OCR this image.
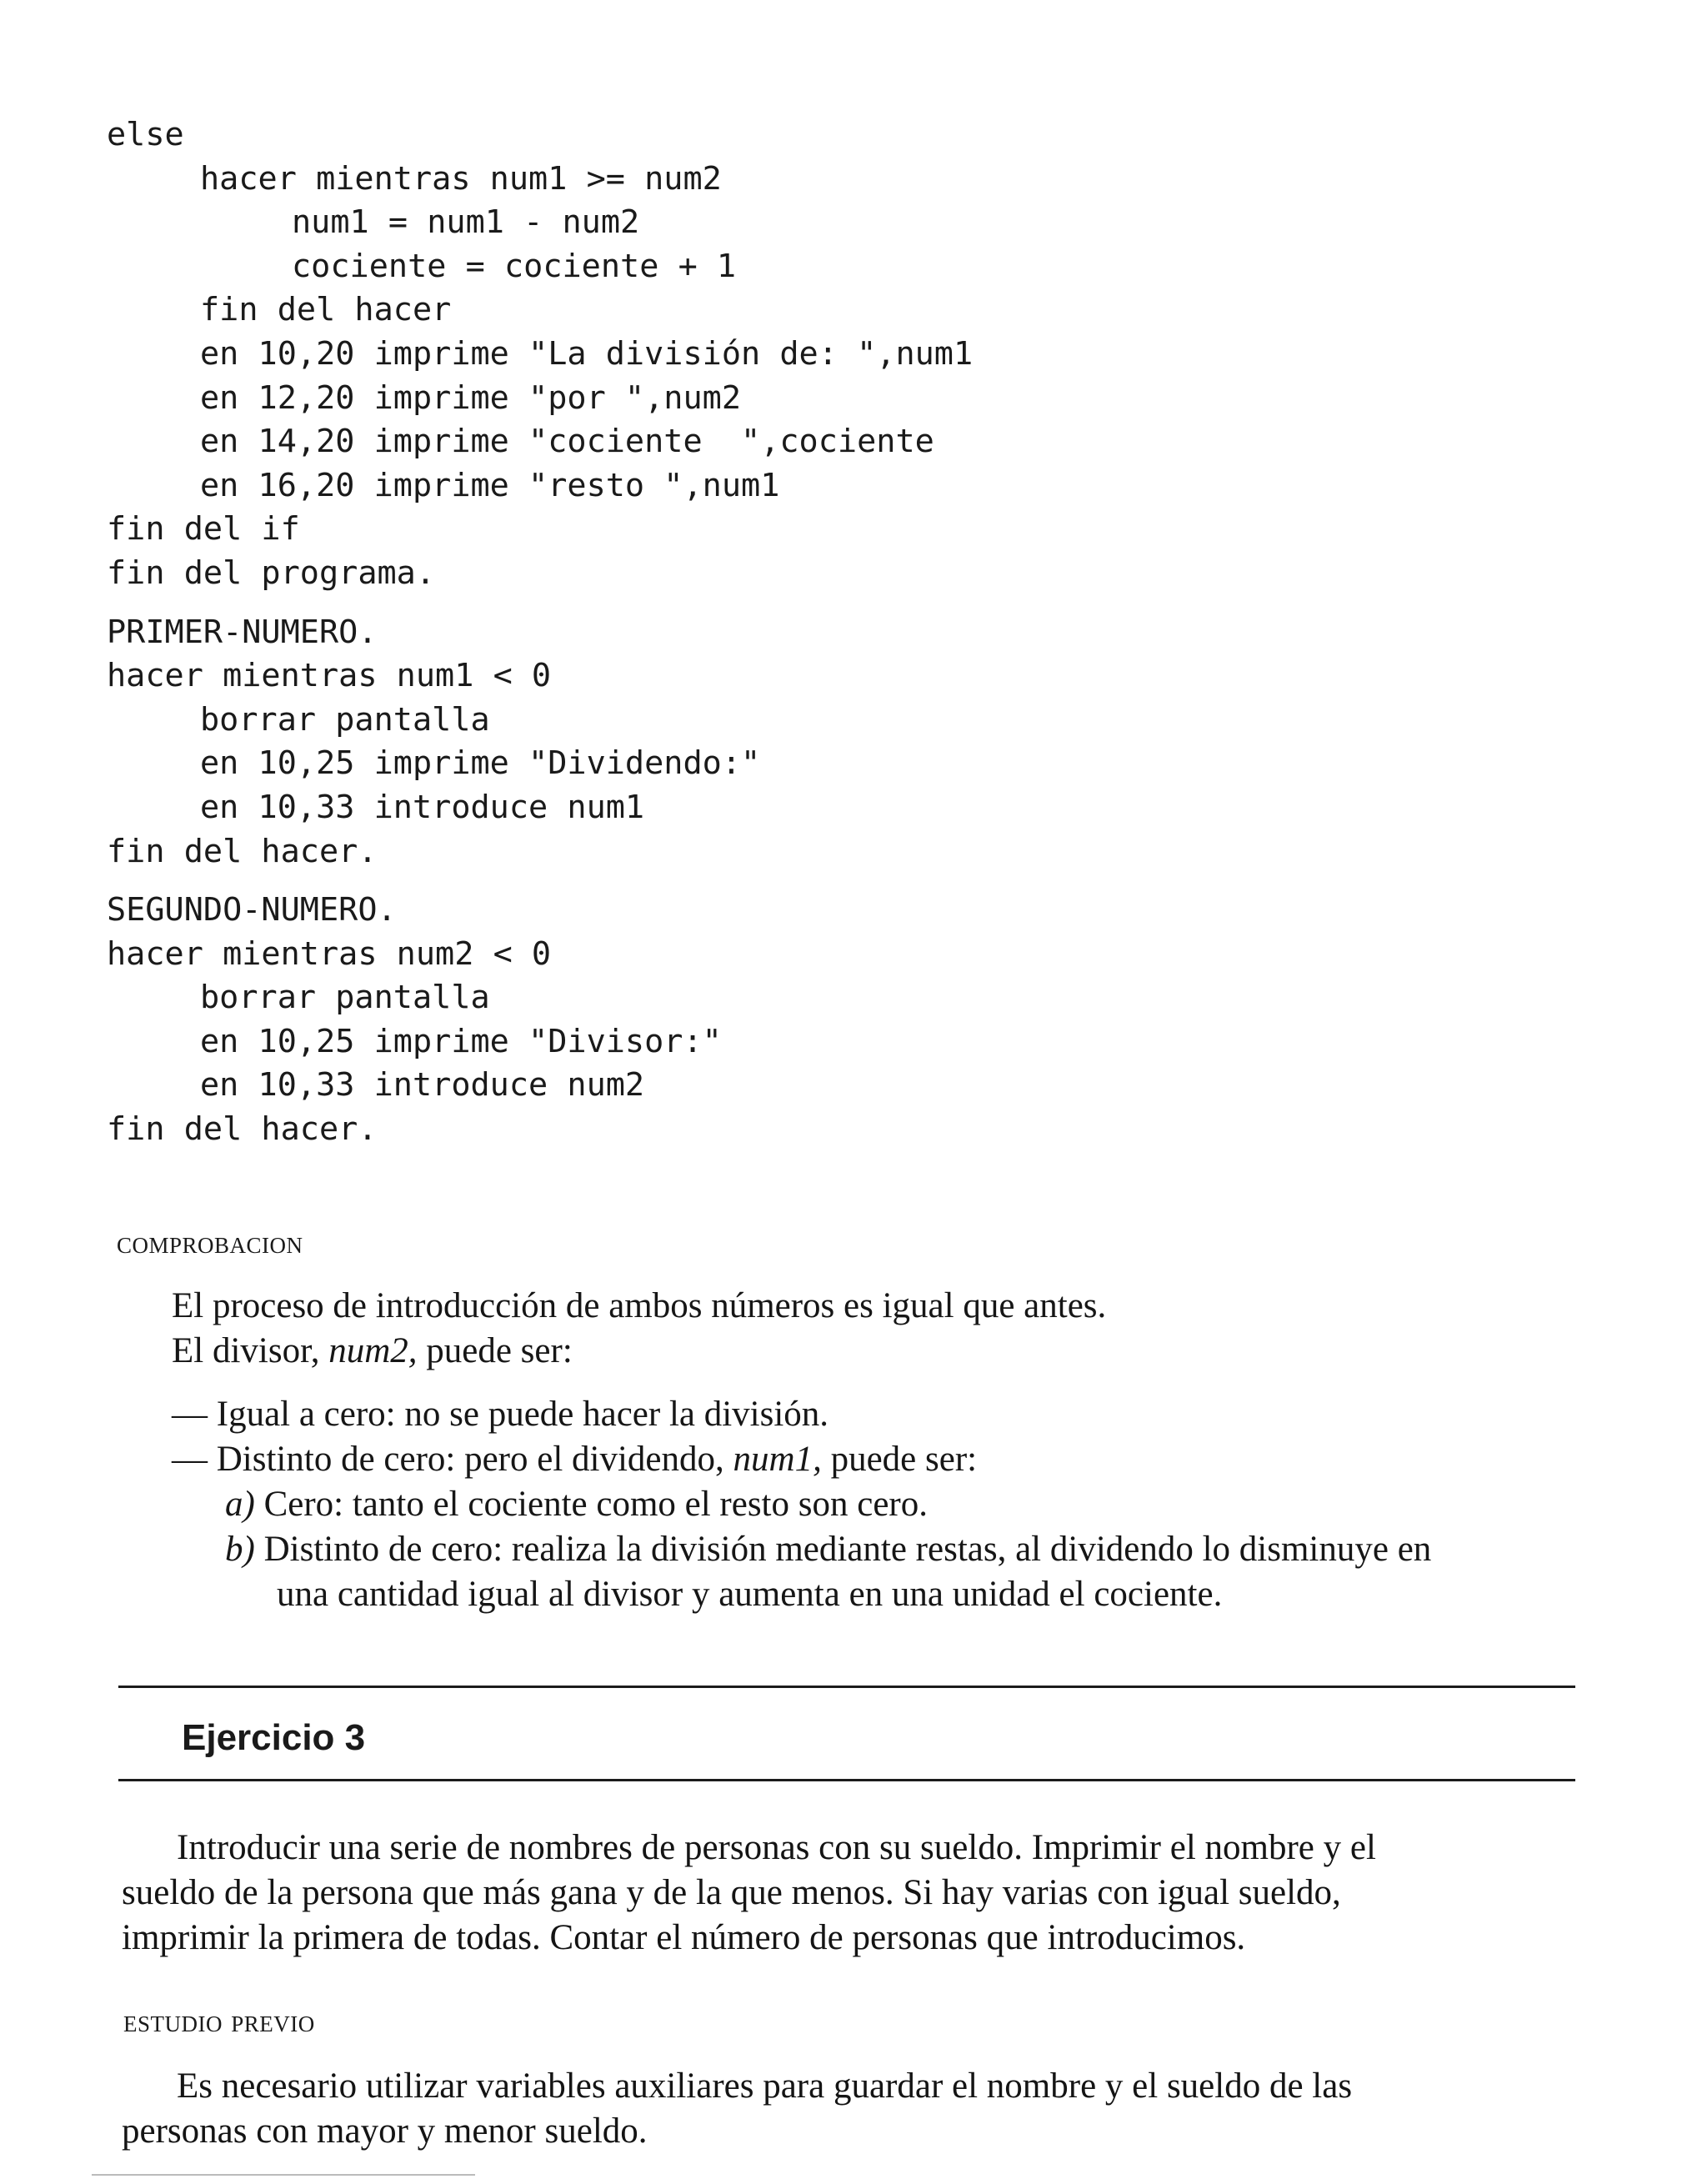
else
hacer mientras num1 >= num2
num1 = num1 - num2
cociente = cociente + 1
fin del hacer
en 10,20 imprime "La división de: ",num1
en 12,20 imprime "por ",num2
en 14,20 imprime "cociente  ",cociente
en 16,20 imprime "resto ",num1
fin del if
fin del programa.
PRIMER-NUMERO.
hacer mientras num1 < 0
borrar pantalla
en 10,25 imprime "Dividendo:"
en 10,33 introduce num1
fin del hacer.
SEGUNDO-NUMERO.
hacer mientras num2 < 0
borrar pantalla
en 10,25 imprime "Divisor:"
en 10,33 introduce num2
fin del hacer.
comprobacion
El proceso de introducción de ambos números es igual que antes.
El divisor, num2, puede ser:
— Igual a cero: no se puede hacer la división.
— Distinto de cero: pero el dividendo, num1, puede ser:
a) Cero: tanto el cociente como el resto son cero.
b) Distinto de cero: realiza la división mediante restas, al dividendo lo disminuye en
una cantidad igual al divisor y aumenta en una unidad el cociente.
Ejercicio 3
Introducir una serie de nombres de personas con su sueldo. Imprimir el nombre y el
sueldo de la persona que más gana y de la que menos. Si hay varias con igual sueldo,
imprimir la primera de todas. Contar el número de personas que introducimos.
estudio previo
Es necesario utilizar variables auxiliares para guardar el nombre y el sueldo de las
personas con mayor y menor sueldo.
